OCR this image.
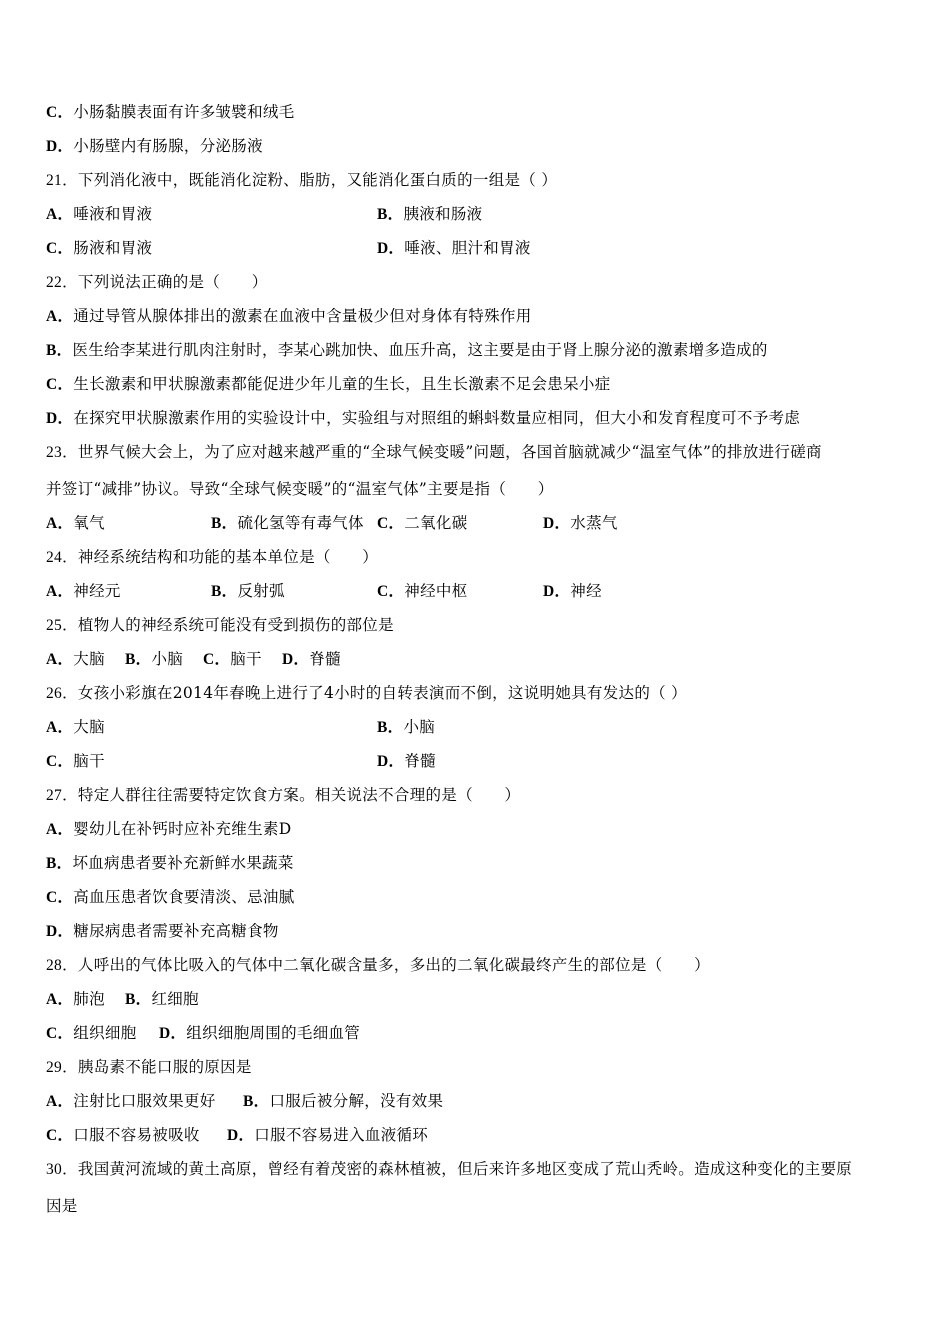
C．小肠黏膜表面有许多皱襞和绒毛
D．小肠壁内有肠腺，分泌肠液
21．下列消化液中，既能消化淀粉、脂肪，又能消化蛋白质的一组是（ ）
A．唾液和胃液	B．胰液和肠液
C．肠液和胃液	D．唾液、胆汁和胃液
22．下列说法正确的是（　　）
A．通过导管从腺体排出的激素在血液中含量极少但对身体有特殊作用
B．医生给李某进行肌肉注射时，李某心跳加快、血压升高，这主要是由于肾上腺分泌的激素增多造成的
C．生长激素和甲状腺激素都能促进少年儿童的生长，且生长激素不足会患呆小症
D．在探究甲状腺激素作用的实验设计中，实验组与对照组的蝌蚪数量应相同，但大小和发育程度可不予考虑
23．世界气候大会上，为了应对越来越严重的“全球气候变暖”问题，各国首脑就减少“温室气体”的排放进行磋商
并签订“减排”协议。导致“全球气候变暖”的“温室气体”主要是指（　　）
A．氧气	B．硫化氢等有毒气体 C．二氧化碳	D．水蒸气
24．神经系统结构和功能的基本单位是（　　）
A．神经元	B．反射弧	C．神经中枢	D．神经
25．植物人的神经系统可能没有受到损伤的部位是
A．大脑 B．小脑 C．脑干 D．脊髓
26．女孩小彩旗在2014年春晚上进行了4小时的自转表演而不倒，这说明她具有发达的（ ）
A．大脑	B．小脑
C．脑干	D．脊髓
27．特定人群往往需要特定饮食方案。相关说法不合理的是（　　）
A．婴幼儿在补钙时应补充维生素D
B．坏血病患者要补充新鲜水果蔬菜
C．高血压患者饮食要清淡、忌油腻
D．糖尿病患者需要补充高糖食物
28．人呼出的气体比吸入的气体中二氧化碳含量多，多出的二氧化碳最终产生的部位是（　　）
A．肺泡 B．红细胞
C．组织细胞 D．组织细胞周围的毛细血管
29．胰岛素不能口服的原因是
A．注射比口服效果更好 B．口服后被分解，没有效果
C．口服不容易被吸收 D．口服不容易进入血液循环
30．我国黄河流域的黄土高原，曾经有着茂密的森林植被，但后来许多地区变成了荒山秃岭。造成这种变化的主要原
因是
